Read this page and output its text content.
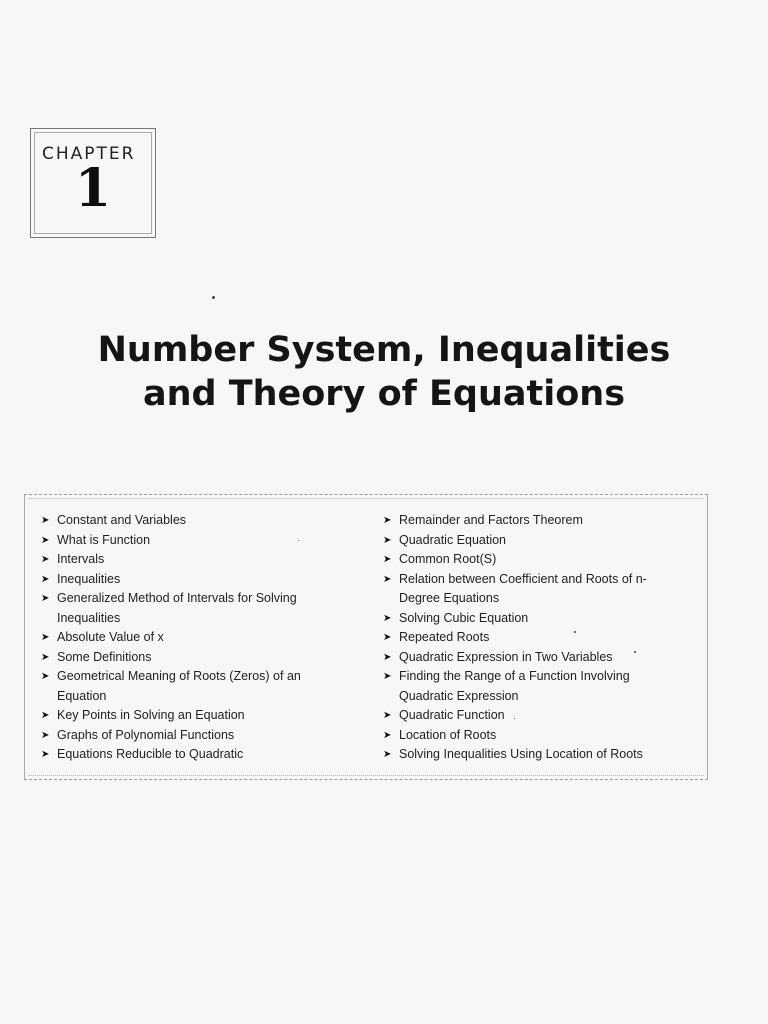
CHAPTER
1
Number System, Inequalities
and Theory of Equations
➤ Constant and Variables
➤ What is Function
➤ Intervals
➤ Inequalities
➤ Generalized Method of Intervals for Solving Inequalities
➤ Absolute Value of x
➤ Some Definitions
➤ Geometrical Meaning of Roots (Zeros) of an Equation
➤ Key Points in Solving an Equation
➤ Graphs of Polynomial Functions
➤ Equations Reducible to Quadratic
➤ Remainder and Factors Theorem
➤ Quadratic Equation
➤ Common Root(S)
➤ Relation between Coefficient and Roots of n-Degree Equations
➤ Solving Cubic Equation
➤ Repeated Roots
➤ Quadratic Expression in Two Variables
➤ Finding the Range of a Function Involving Quadratic Expression
➤ Quadratic Function
➤ Location of Roots
➤ Solving Inequalities Using Location of Roots
